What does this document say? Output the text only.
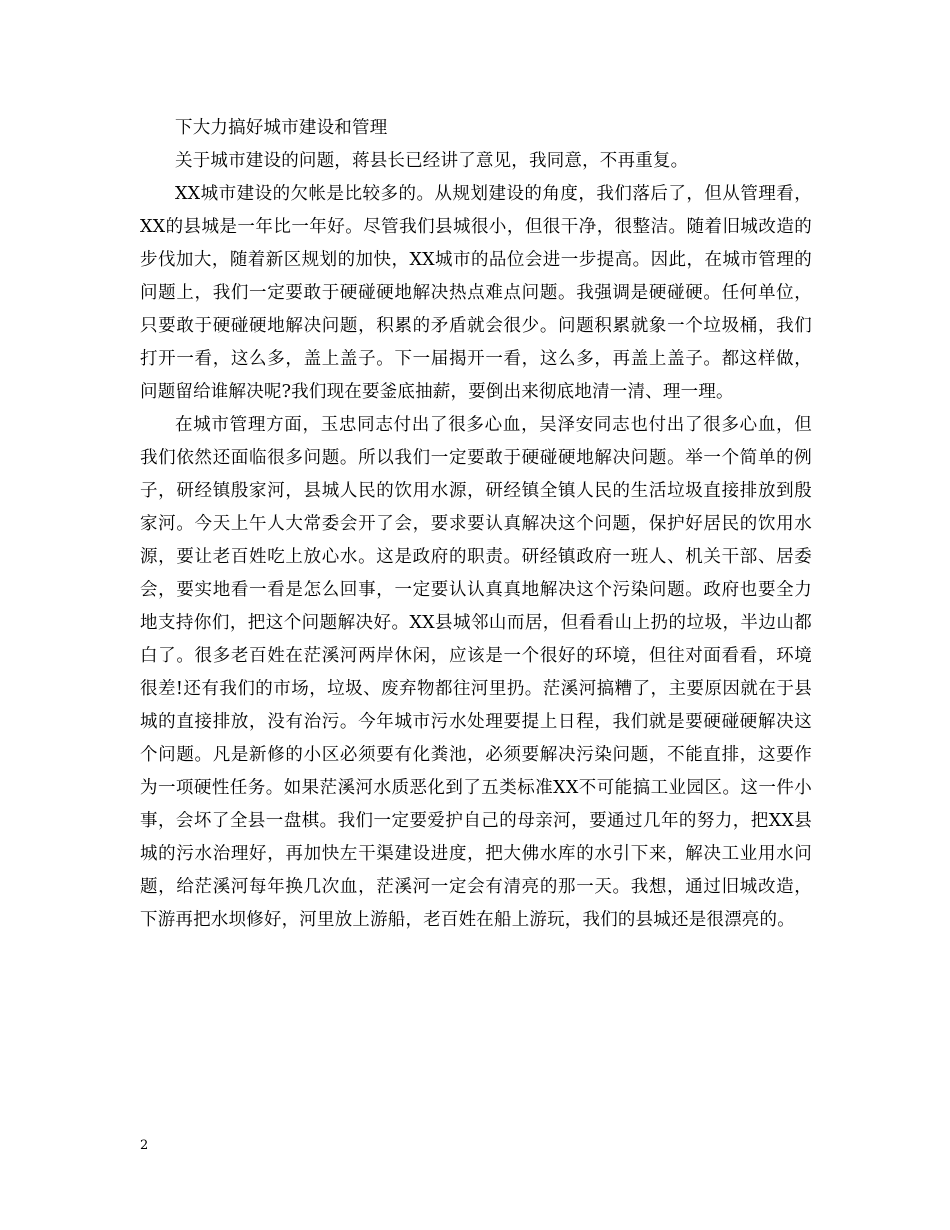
下大力搞好城市建设和管理

关于城市建设的问题，蒋县长已经讲了意见，我同意，不再重复。

XX城市建设的欠帐是比较多的。从规划建设的角度，我们落后了，但从管理看，XX的县城是一年比一年好。尽管我们县城很小，但很干净，很整洁。随着旧城改造的步伐加大，随着新区规划的加快，XX城市的品位会进一步提高。因此，在城市管理的问题上，我们一定要敢于硬碰硬地解决热点难点问题。我强调是硬碰硬。任何单位，只要敢于硬碰硬地解决问题，积累的矛盾就会很少。问题积累就象一个垃圾桶，我们打开一看，这么多，盖上盖子。下一届揭开一看，这么多，再盖上盖子。都这样做，问题留给谁解决呢?我们现在要釜底抽薪，要倒出来彻底地清一清、理一理。

在城市管理方面，玉忠同志付出了很多心血，吴泽安同志也付出了很多心血，但我们依然还面临很多问题。所以我们一定要敢于硬碰硬地解决问题。举一个简单的例子，研经镇殷家河，县城人民的饮用水源，研经镇全镇人民的生活垃圾直接排放到殷家河。今天上午人大常委会开了会，要求要认真解决这个问题，保护好居民的饮用水源，要让老百姓吃上放心水。这是政府的职责。研经镇政府一班人、机关干部、居委会，要实地看一看是怎么回事，一定要认认真真地解决这个污染问题。政府也要全力地支持你们，把这个问题解决好。XX县城邻山而居，但看看山上扔的垃圾，半边山都白了。很多老百姓在茫溪河两岸休闲，应该是一个很好的环境，但往对面看看，环境很差!还有我们的市场，垃圾、废弃物都往河里扔。茫溪河搞糟了，主要原因就在于县城的直接排放，没有治污。今年城市污水处理要提上日程，我们就是要硬碰硬解决这个问题。凡是新修的小区必须要有化粪池，必须要解决污染问题，不能直排，这要作为一项硬性任务。如果茫溪河水质恶化到了五类标准XX不可能搞工业园区。这一件小事，会坏了全县一盘棋。我们一定要爱护自己的母亲河，要通过几年的努力，把XX县城的污水治理好，再加快左干渠建设进度，把大佛水库的水引下来，解决工业用水问题，给茫溪河每年换几次血，茫溪河一定会有清亮的那一天。我想，通过旧城改造，下游再把水坝修好，河里放上游船，老百姓在船上游玩，我们的县城还是很漂亮的。

2
